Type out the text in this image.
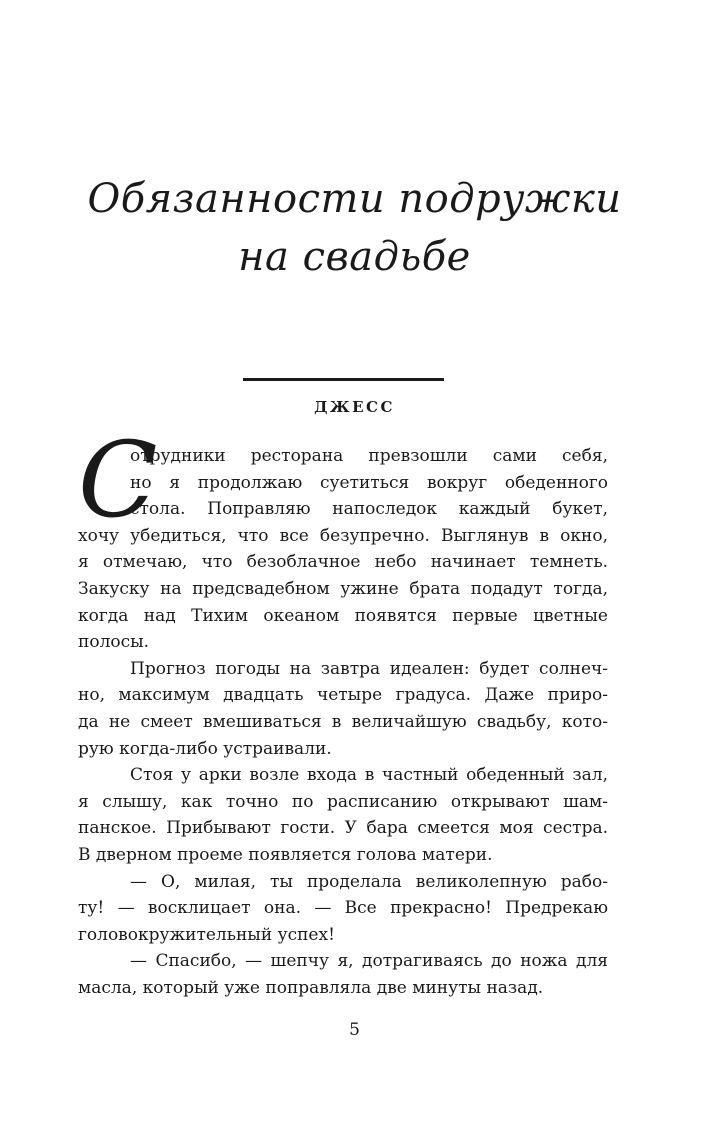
Обязанности подружки
на свадьбе
ДЖЕСС
С
отрудники ресторана превзошли сами себя,
но я продолжаю суетиться вокруг обеденного
стола. Поправляю напоследок каждый букет,
хочу убедиться, что все безупречно. Выглянув в окно,
я отмечаю, что безоблачное небо начинает темнеть.
Закуску на предсвадебном ужине брата подадут тогда,
когда над Тихим океаном появятся первые цветные
полосы.
Прогноз погоды на завтра идеален: будет солнеч-
но, максимум двадцать четыре градуса. Даже приро-
да не смеет вмешиваться в величайшую свадьбу, кото-
рую когда-либо устраивали.
Стоя у арки возле входа в частный обеденный зал,
я слышу, как точно по расписанию открывают шам-
панское. Прибывают гости. У бара смеется моя сестра.
В дверном проеме появляется голова матери.
— О, милая, ты проделала великолепную рабо-
ту! — восклицает она. — Все прекрасно! Предрекаю
головокружительный успех!
— Спасибо, — шепчу я, дотрагиваясь до ножа для
масла, который уже поправляла две минуты назад.
5
